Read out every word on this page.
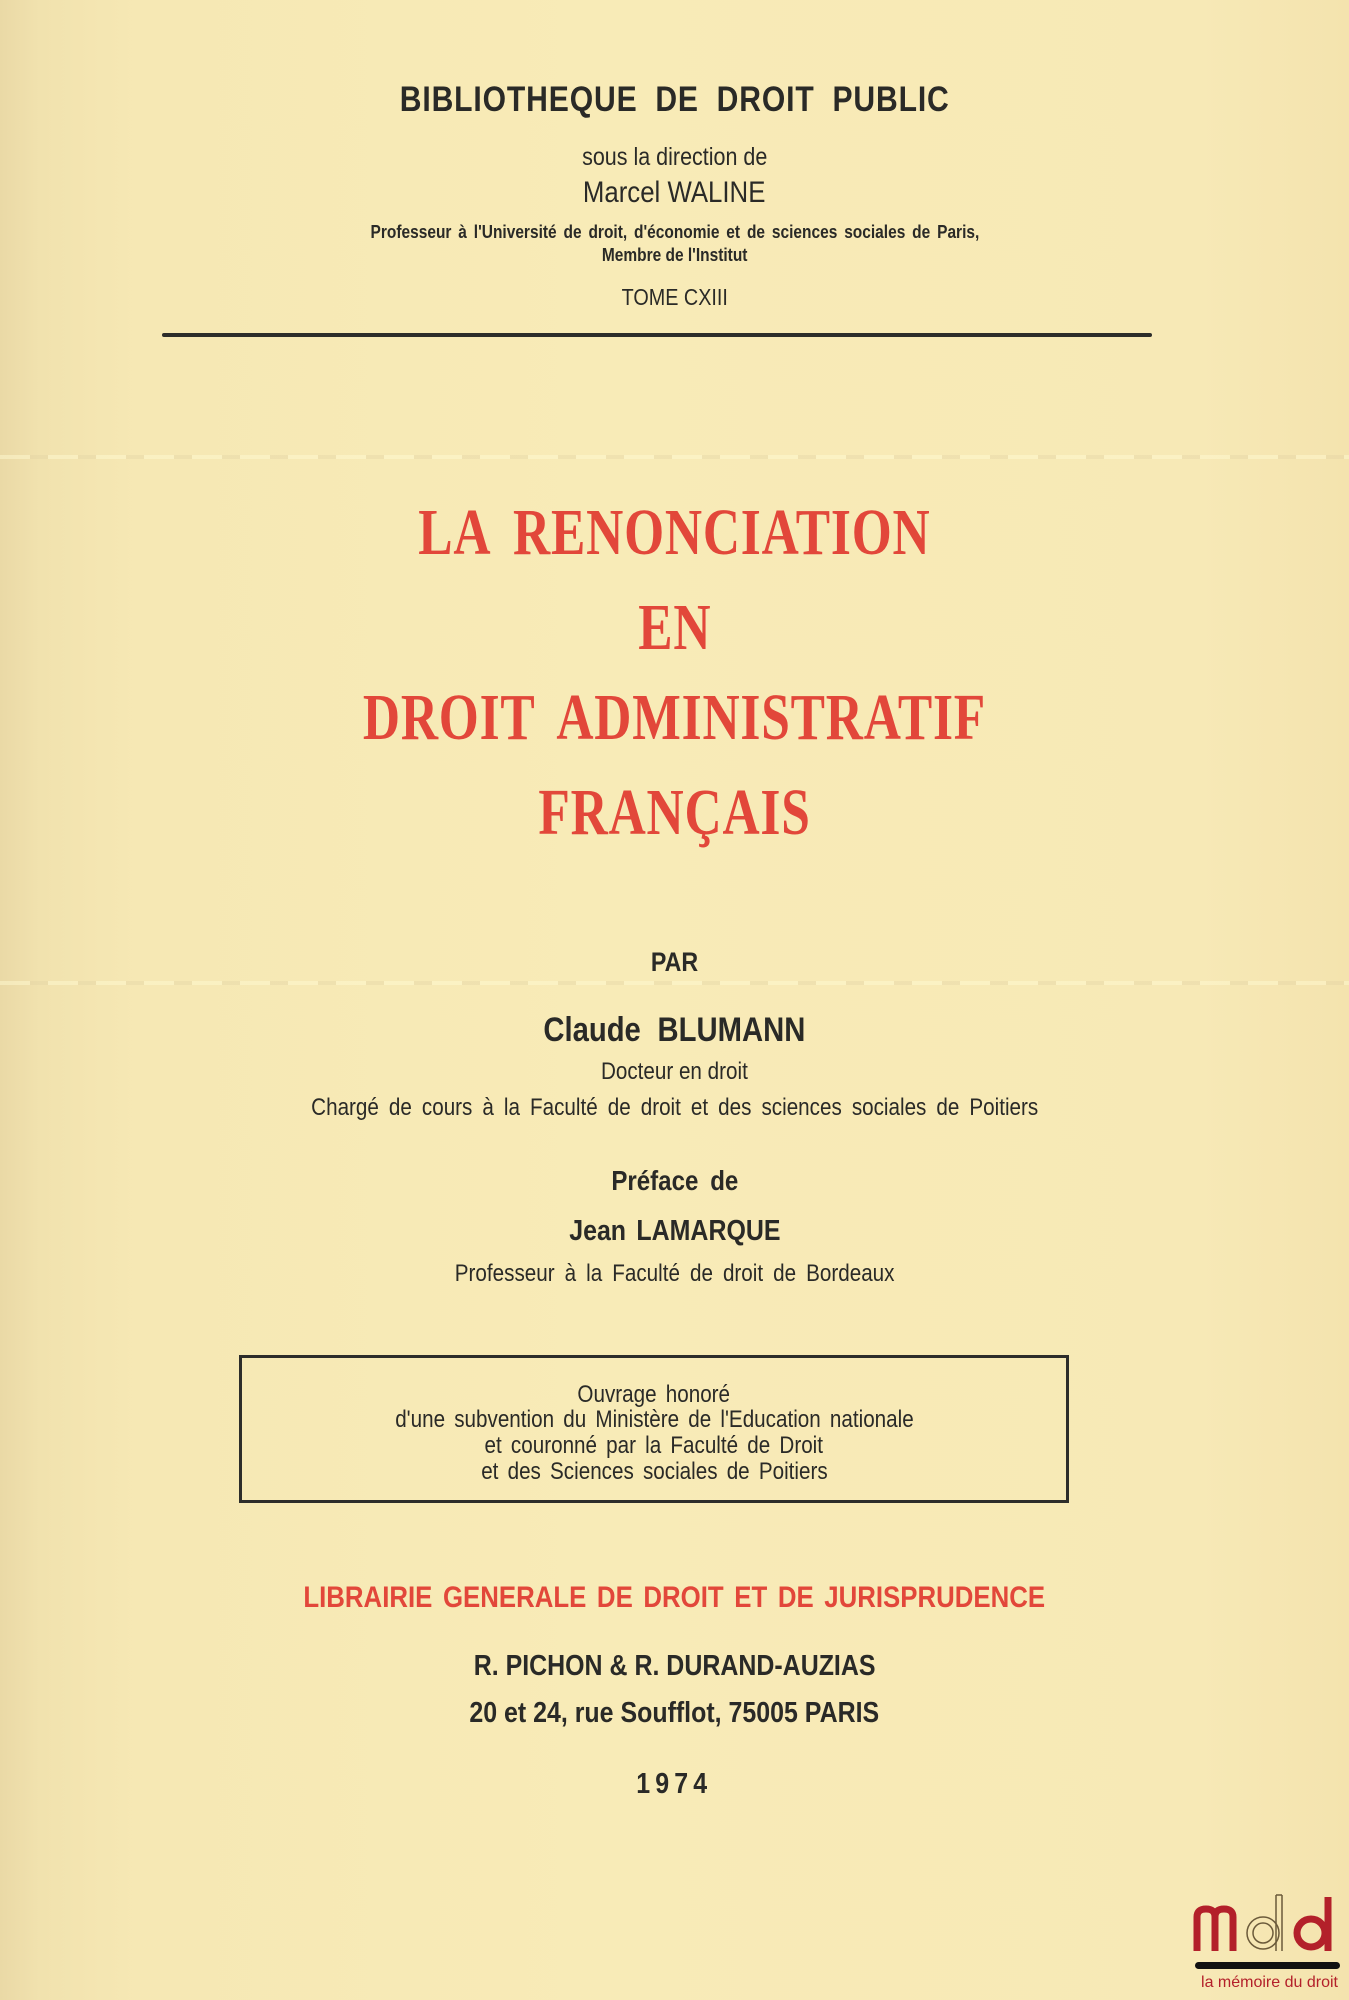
BIBLIOTHEQUE DE DROIT PUBLIC
sous la direction de
Marcel WALINE
Professeur à l'Université de droit, d'économie et de sciences sociales de Paris,
Membre de l'Institut
TOME CXIII
LA RENONCIATION
EN
DROIT ADMINISTRATIF
FRANÇAIS
PAR
Claude BLUMANN
Docteur en droit
Chargé de cours à la Faculté de droit et des sciences sociales de Poitiers
Préface de
Jean LAMARQUE
Professeur à la Faculté de droit de Bordeaux
Ouvrage honoré
d'une subvention du Ministère de l'Education nationale
et couronné par la Faculté de Droit
et des Sciences sociales de Poitiers
LIBRAIRIE GENERALE DE DROIT ET DE JURISPRUDENCE
R. PICHON & R. DURAND-AUZIAS
20 et 24, rue Soufflot, 75005 PARIS
1974
la mémoire du droit
